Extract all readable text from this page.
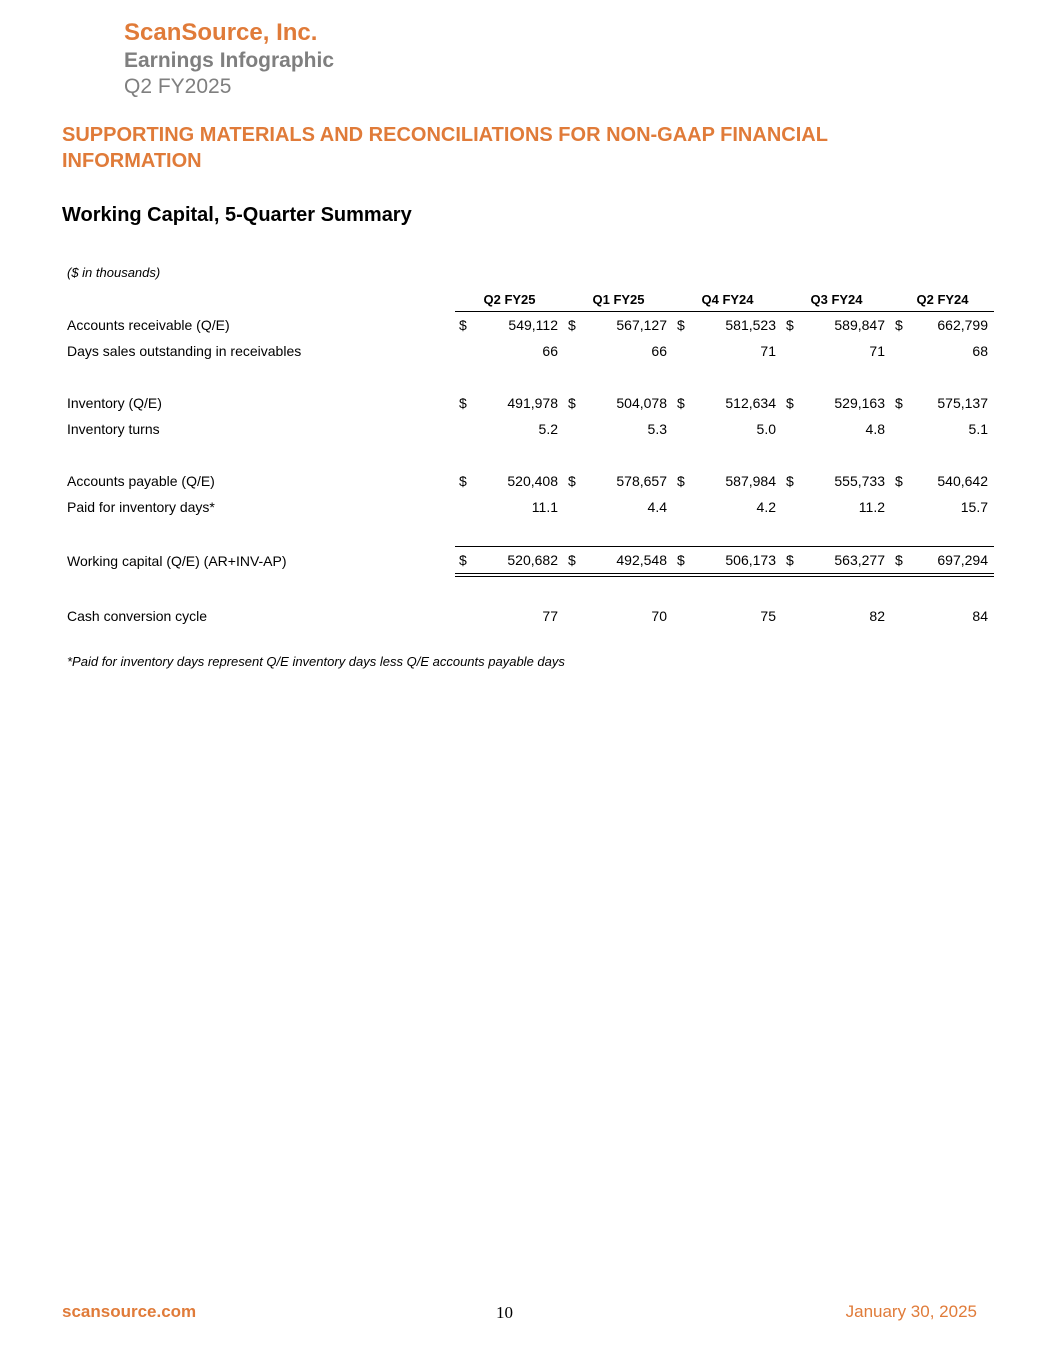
ScanSource, Inc.
Earnings Infographic
Q2 FY2025
SUPPORTING MATERIALS AND RECONCILIATIONS FOR NON-GAAP FINANCIAL INFORMATION
Working Capital, 5-Quarter Summary
($ in thousands)
	Q2 FY25		Q1 FY25		Q4 FY24		Q3 FY24		Q2 FY24	
Accounts receivable (Q/E)	$	549,112	$	567,127	$	581,523	$	589,847	$	662,799
Days sales outstanding in receivables		66		66		71		71		68

Inventory (Q/E)	$	491,978	$	504,078	$	512,634	$	529,163	$	575,137
Inventory turns		5.2		5.3		5.0		4.8		5.1

Accounts payable (Q/E)	$	520,408	$	578,657	$	587,984	$	555,733	$	540,642
Paid for inventory days*		11.1		4.4		4.2		11.2		15.7

Working capital (Q/E) (AR+INV-AP)	$	520,682	$	492,548	$	506,173	$	563,277	$	697,294

Cash conversion cycle		77		70		75		82		84
*Paid for inventory days represent Q/E inventory days less Q/E accounts payable days
scansource.com	10	January 30, 2025
